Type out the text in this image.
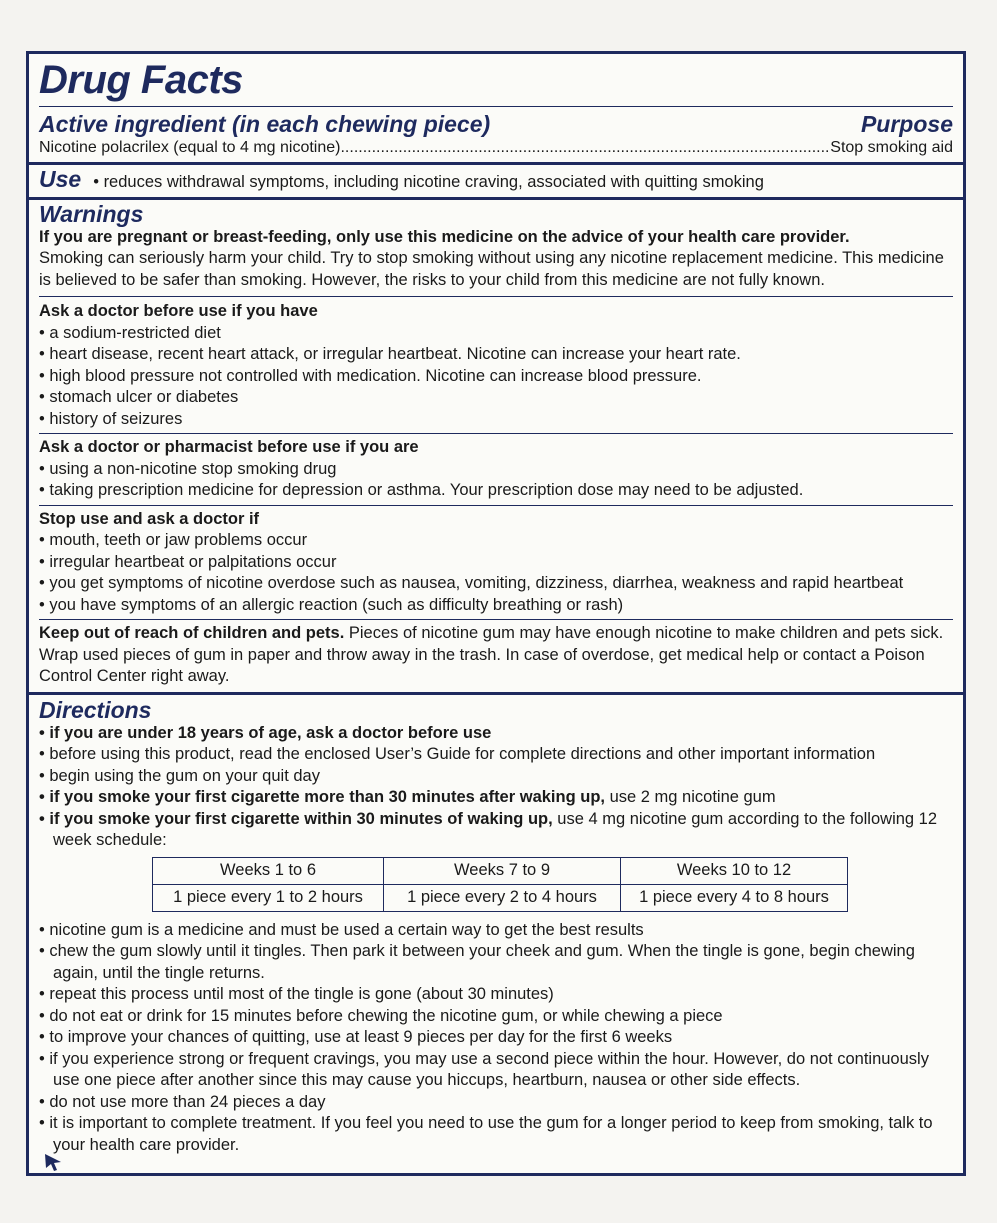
Drug Facts
Active ingredient (in each chewing piece)	Purpose
Nicotine polacrilex (equal to 4 mg nicotine) .....	Stop smoking aid
Use • reduces withdrawal symptoms, including nicotine craving, associated with quitting smoking
Warnings
If you are pregnant or breast-feeding, only use this medicine on the advice of your health care provider.
Smoking can seriously harm your child. Try to stop smoking without using any nicotine replacement medicine. This medicine is believed to be safer than smoking. However, the risks to your child from this medicine are not fully known.
Ask a doctor before use if you have
• a sodium-restricted diet
• heart disease, recent heart attack, or irregular heartbeat. Nicotine can increase your heart rate.
• high blood pressure not controlled with medication. Nicotine can increase blood pressure.
• stomach ulcer or diabetes
• history of seizures
Ask a doctor or pharmacist before use if you are
• using a non-nicotine stop smoking drug
• taking prescription medicine for depression or asthma. Your prescription dose may need to be adjusted.
Stop use and ask a doctor if
• mouth, teeth or jaw problems occur
• irregular heartbeat or palpitations occur
• you get symptoms of nicotine overdose such as nausea, vomiting, dizziness, diarrhea, weakness and rapid heartbeat
• you have symptoms of an allergic reaction (such as difficulty breathing or rash)
Keep out of reach of children and pets. Pieces of nicotine gum may have enough nicotine to make children and pets sick. Wrap used pieces of gum in paper and throw away in the trash. In case of overdose, get medical help or contact a Poison Control Center right away.
Directions
• if you are under 18 years of age, ask a doctor before use
• before using this product, read the enclosed User’s Guide for complete directions and other important information
• begin using the gum on your quit day
• if you smoke your first cigarette more than 30 minutes after waking up, use 2 mg nicotine gum
• if you smoke your first cigarette within 30 minutes of waking up, use 4 mg nicotine gum according to the following 12 week schedule:
Weeks 1 to 6	Weeks 7 to 9	Weeks 10 to 12
1 piece every 1 to 2 hours	1 piece every 2 to 4 hours	1 piece every 4 to 8 hours
• nicotine gum is a medicine and must be used a certain way to get the best results
• chew the gum slowly until it tingles. Then park it between your cheek and gum. When the tingle is gone, begin chewing again, until the tingle returns.
• repeat this process until most of the tingle is gone (about 30 minutes)
• do not eat or drink for 15 minutes before chewing the nicotine gum, or while chewing a piece
• to improve your chances of quitting, use at least 9 pieces per day for the first 6 weeks
• if you experience strong or frequent cravings, you may use a second piece within the hour. However, do not continuously use one piece after another since this may cause you hiccups, heartburn, nausea or other side effects.
• do not use more than 24 pieces a day
• it is important to complete treatment. If you feel you need to use the gum for a longer period to keep from smoking, talk to your health care provider.
